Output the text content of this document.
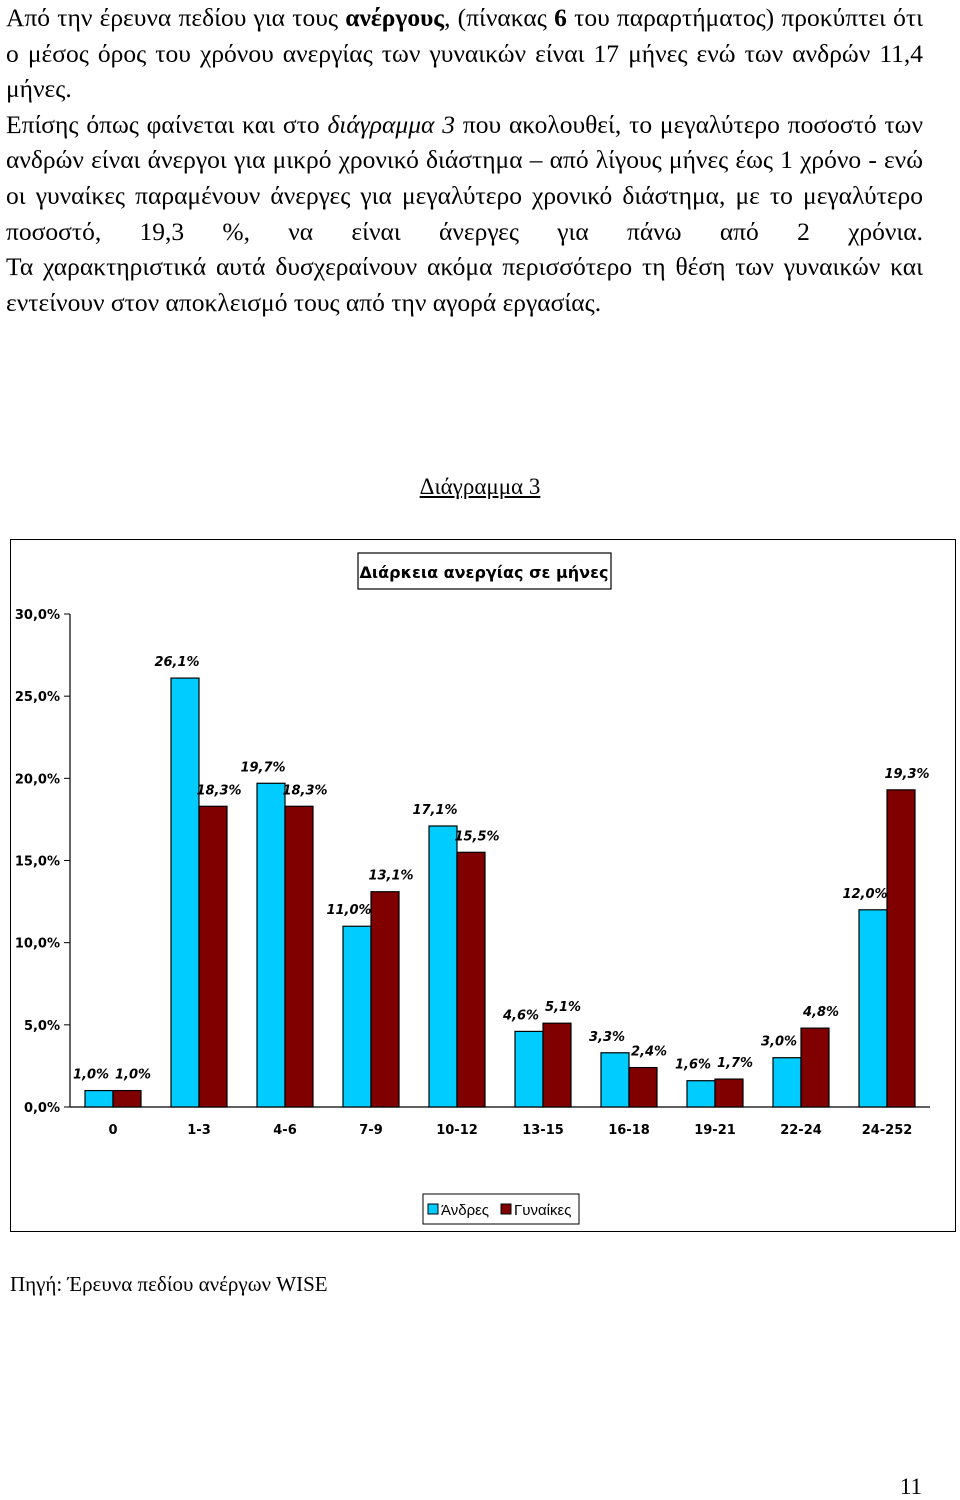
Από την έρευνα πεδίου για τους ανέργους, (πίνακας 6 του παραρτήματος) προκύπτει ότι ο μέσος όρος του χρόνου ανεργίας των γυναικών είναι 17 μήνες ενώ των ανδρών 11,4 μήνες.

Επίσης όπως φαίνεται και στο διάγραμμα 3 που ακολουθεί, το μεγαλύτερο ποσοστό των ανδρών είναι άνεργοι για μικρό χρονικό διάστημα – από λίγους μήνες έως 1 χρόνο - ενώ οι γυναίκες παραμένουν άνεργες για μεγαλύτερο χρονικό διάστημα, με το μεγαλύτερο ποσοστό, 19,3 %, να είναι άνεργες για πάνω από 2 χρόνια.

Τα χαρακτηριστικά αυτά δυσχεραίνουν ακόμα περισσότερο τη θέση των γυναικών και εντείνουν στον αποκλεισμό τους από την αγορά εργασίας.

Διάγραμμα 3
Διάρκεια ανεργίας σε μήνες
0,0%
5,0%
10,0%
15,0%
20,0%
25,0%
30,0%
1,0% 1,0%
26,1%
18,3%
19,7%
18,3%
11,0%
13,1%
17,1%
15,5%
4,6%
5,1%
3,3%
2,4%
1,6% 1,7%
3,0%
4,8%
12,0%
19,3%
0	1-3	4-6	7-9	10-12	13-15	16-18	19-21	22-24	24-252
Άνδρες Γυναίκες
Πηγή: Έρευνα πεδίου ανέργων WISE
11
